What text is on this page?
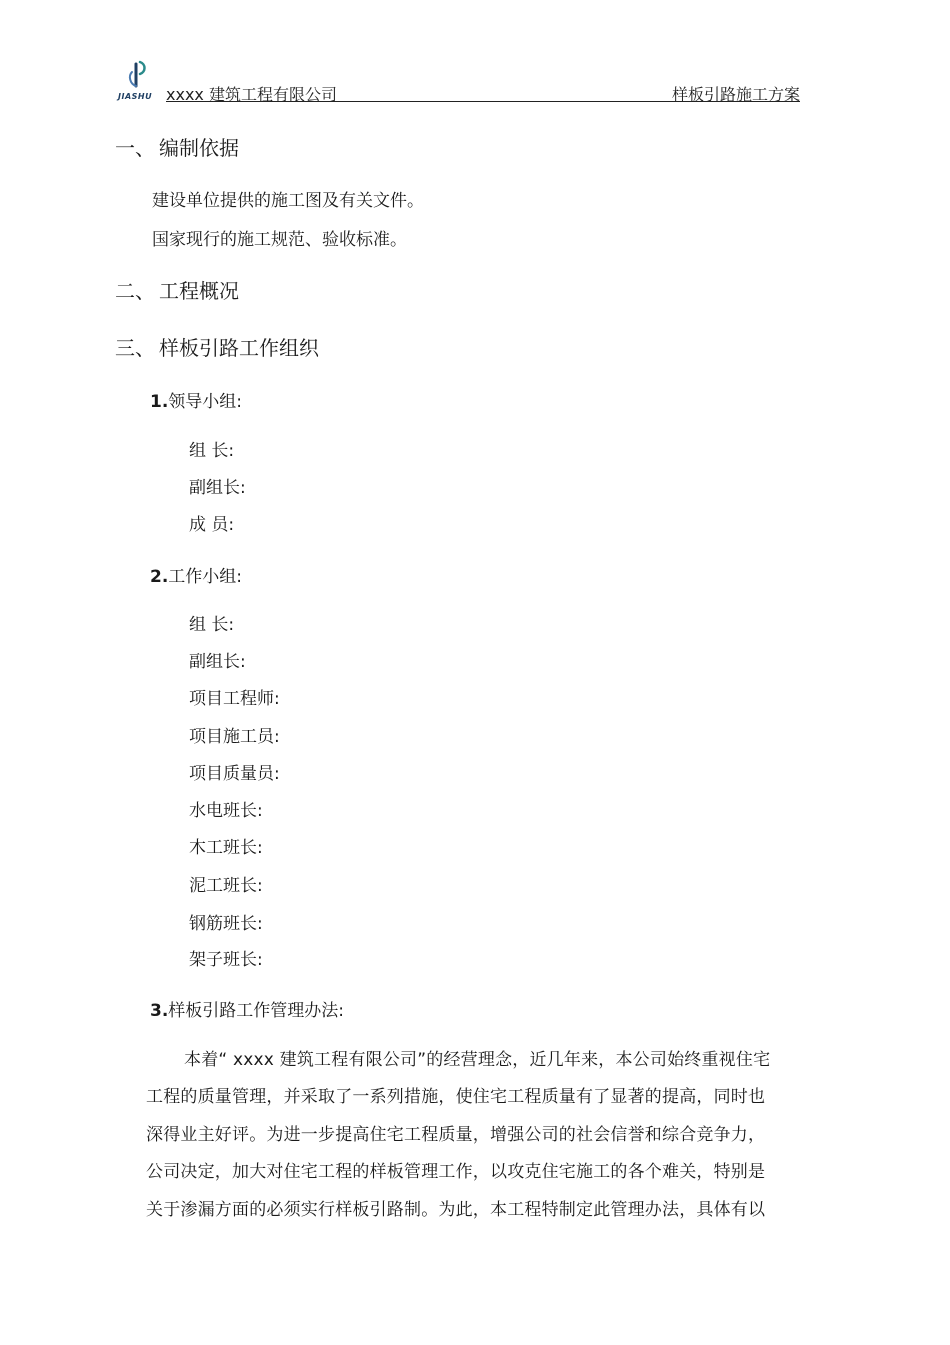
JIASHU xxxx 建筑工程有限公司	样板引路施工方案
一、 编制依据
建设单位提供的施工图及有关文件。
国家现行的施工规范、验收标准。
二、 工程概况
三、 样板引路工作组织
1.领导小组:
组 长:
副组长:
成 员:
2.工作小组:
组 长:
副组长:
项目工程师:
项目施工员:
项目质量员:
水电班长:
木工班长:
泥工班长:
钢筋班长:
架子班长:
3.样板引路工作管理办法:
本着“ xxxx 建筑工程有限公司”的经营理念，近几年来，本公司始终重视住宅
工程的质量管理，并采取了一系列措施，使住宅工程质量有了显著的提高，同时也
深得业主好评。为进一步提高住宅工程质量，增强公司的社会信誉和综合竞争力，
公司决定，加大对住宅工程的样板管理工作，以攻克住宅施工的各个难关，特别是
关于渗漏方面的必须实行样板引路制。为此，本工程特制定此管理办法，具体有以
